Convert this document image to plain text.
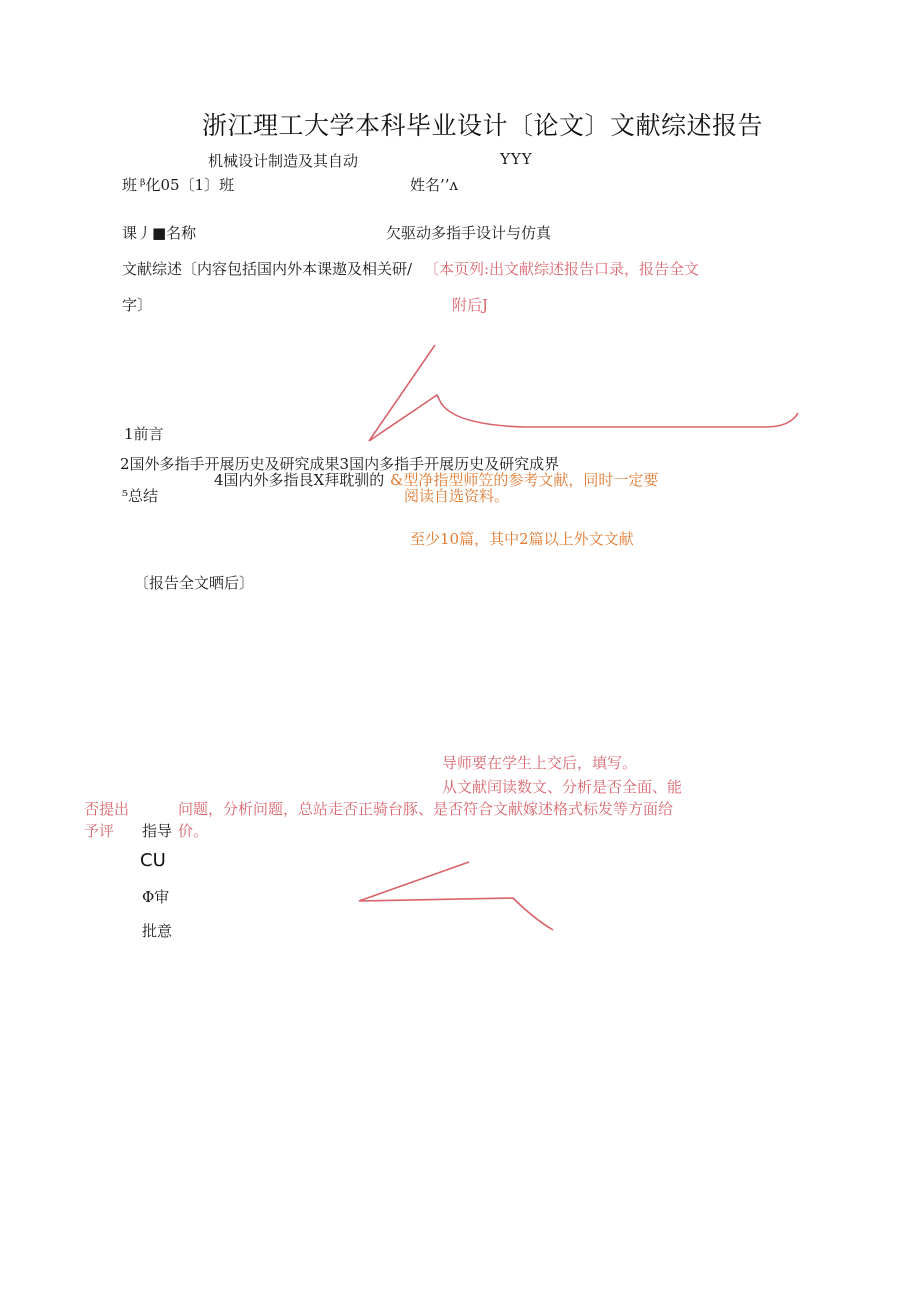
浙江理工大学本科毕业设计〔论文〕文献综述报告
机械设计制造及其自动	YYY
班 ᵝ化05〔1〕班	姓名’’ᴧ
课丿■名称	欠驱动多指手设计与仿真
文献综述〔内容包括国内外本课遨及相关研/ 〔本页列:出文献综述报告口录，报告全文
字〕	附后J
1前言
2国外多指手开展历史及研究成果3国内多指手开展历史及研究成界
4国内外多指艮X拜耽驯的 &型净指型师笠的参考文献，同时一定要
阅读自选资料。
⁵总结
至少10篇，其中2篇以上外文文献
〔报告全文晒后〕
导师要在学生上交后，填写。
从文献闰读数文、分析是否全面、能
否提出	问题，分析问题，总站走否正骑台豚、是否符合文献嫁述格式标发等方面给
予评	价。
指导
CU
Φ审
批意
